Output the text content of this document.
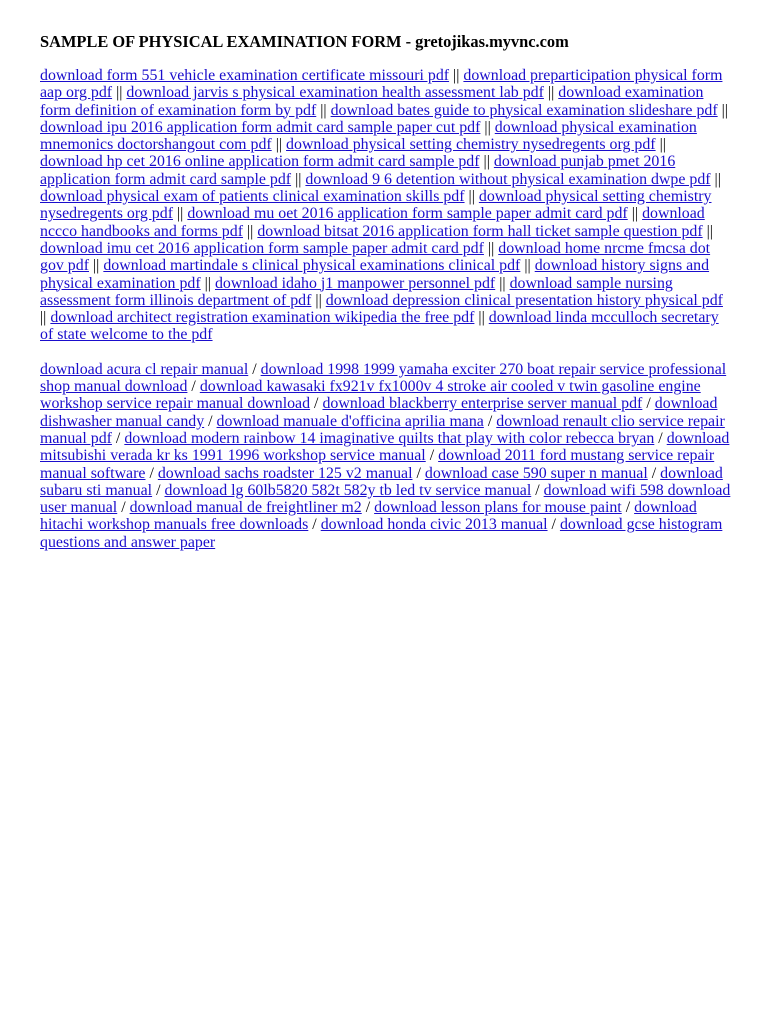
SAMPLE OF PHYSICAL EXAMINATION FORM - gretojikas.myvnc.com

download form 551 vehicle examination certificate missouri pdf || download preparticipation physical form aap org pdf || download jarvis s physical examination health assessment lab pdf || download examination form definition of examination form by pdf || download bates guide to physical examination slideshare pdf || download ipu 2016 application form admit card sample paper cut pdf || download physical examination mnemonics doctorshangout com pdf || download physical setting chemistry nysedregents org pdf || download hp cet 2016 online application form admit card sample pdf || download punjab pmet 2016 application form admit card sample pdf || download 9 6 detention without physical examination dwpe pdf || download physical exam of patients clinical examination skills pdf || download physical setting chemistry nysedregents org pdf || download mu oet 2016 application form sample paper admit card pdf || download nccco handbooks and forms pdf || download bitsat 2016 application form hall ticket sample question pdf || download imu cet 2016 application form sample paper admit card pdf || download home nrcme fmcsa dot gov pdf || download martindale s clinical physical examinations clinical pdf || download history signs and physical examination pdf || download idaho j1 manpower personnel pdf || download sample nursing assessment form illinois department of pdf || download depression clinical presentation history physical pdf || download architect registration examination wikipedia the free pdf || download linda mcculloch secretary of state welcome to the pdf

download acura cl repair manual / download 1998 1999 yamaha exciter 270 boat repair service professional shop manual download / download kawasaki fx921v fx1000v 4 stroke air cooled v twin gasoline engine workshop service repair manual download / download blackberry enterprise server manual pdf / download dishwasher manual candy / download manuale d'officina aprilia mana / download renault clio service repair manual pdf / download modern rainbow 14 imaginative quilts that play with color rebecca bryan / download mitsubishi verada kr ks 1991 1996 workshop service manual / download 2011 ford mustang service repair manual software / download sachs roadster 125 v2 manual / download case 590 super n manual / download subaru sti manual / download lg 60lb5820 582t 582y tb led tv service manual / download wifi 598 download user manual / download manual de freightliner m2 / download lesson plans for mouse paint / download hitachi workshop manuals free downloads / download honda civic 2013 manual / download gcse histogram questions and answer paper
